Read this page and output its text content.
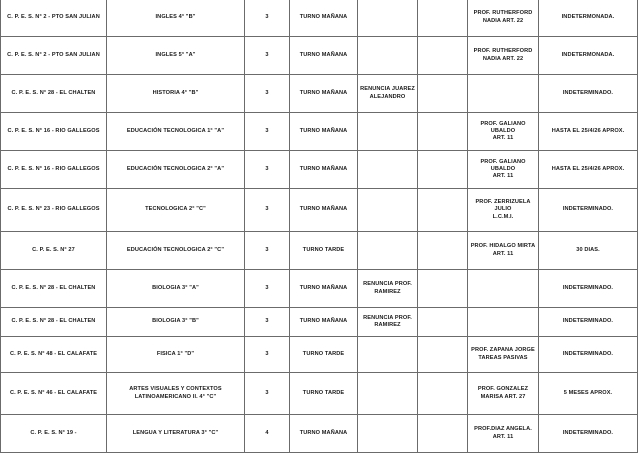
C. P. E. S. N° 2 - PTO SAN JULIAN	INGLES 4° "B"	3	TURNO MAÑANA			PROF. RUTHERFORD
NADIA ART. 22	INDETERMONADA.
C. P. E. S. N° 2 - PTO SAN JULIAN	INGLES 5° "A"	3	TURNO MAÑANA			PROF. RUTHERFORD
NADIA ART. 22	INDETERMONADA.
C. P. E. S. N° 28 - EL CHALTEN	HISTORIA 4° "B"	3	TURNO MAÑANA	RENUNCIA JUAREZ
ALEJANDRO			INDETERMINADO.
C. P. E. S. N° 16 - RIO GALLEGOS	EDUCACIÓN TECNOLOGICA 1° "A"	3	TURNO MAÑANA			PROF. GALIANO UBALDO
ART. 11	HASTA EL 25/4/26 APROX.
C. P. E. S. N° 16 - RIO GALLEGOS	EDUCACIÓN TECNOLOGICA 2° "A"	3	TURNO MAÑANA			PROF. GALIANO UBALDO
ART. 11	HASTA EL 25/4/26 APROX.
C. P. E. S. N° 23 - RIO GALLEGOS	TECNOLOGICA 2° "C"	3	TURNO MAÑANA			PROF. ZERRIZUELA JULIO
L.C.M.I.	INDETERMINADO.
C. P. E. S. N° 27	EDUCACIÓN TECNOLOGICA 2° "C"	3	TURNO TARDE			PROF. HIDALGO MIRTA
ART. 11	30 DIAS.
C. P. E. S. N° 28 - EL CHALTEN	BIOLOGIA 3° "A"	3	TURNO MAÑANA	RENUNCIA PROF.
RAMIREZ			INDETERMINADO.
C. P. E. S. N° 28 - EL CHALTEN	BIOLOGIA 3° "B"	3	TURNO MAÑANA	RENUNCIA PROF.
RAMIREZ			INDETERMINADO.
C. P. E. S. N° 48 - EL CALAFATE	FISICA 1° "D"	3	TURNO TARDE			PROF. ZAPANA JORGE
TAREAS PASIVAS	INDETERMINADO.
C. P. E. S. N° 46 - EL CALAFATE	ARTES VISUALES Y CONTEXTOS
LATINOAMERICANO II. 4° "C"	3	TURNO TARDE			PROF. GONZALEZ
MARISA ART. 27	5 MESES APROX.
C. P. E. S. N° 19 -	LENGUA Y LITERATURA 3° "C"	4	TURNO MAÑANA			PROF.DIAZ ANGELA.
ART. 11	INDETERMINADO.
